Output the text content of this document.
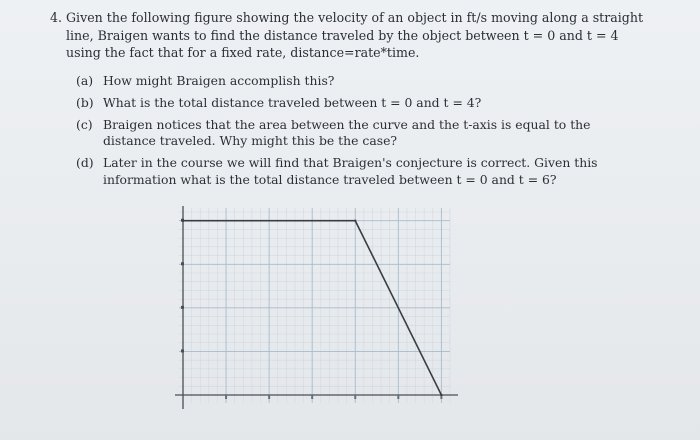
4. Given the following figure showing the velocity of an object in ft/s moving along a straight line, Braigen wants to find the distance traveled by the object between t = 0 and t = 4 using the fact that for a fixed rate, distance=rate*time.
(a) How might Braigen accomplish this?
(b) What is the total distance traveled between t = 0 and t = 4?
(c) Braigen notices that the area between the curve and the t-axis is equal to the distance traveled. Why might this be the case?
(d) Later in the course we will find that Braigen's conjecture is correct. Given this information what is the total distance traveled between t = 0 and t = 6?
